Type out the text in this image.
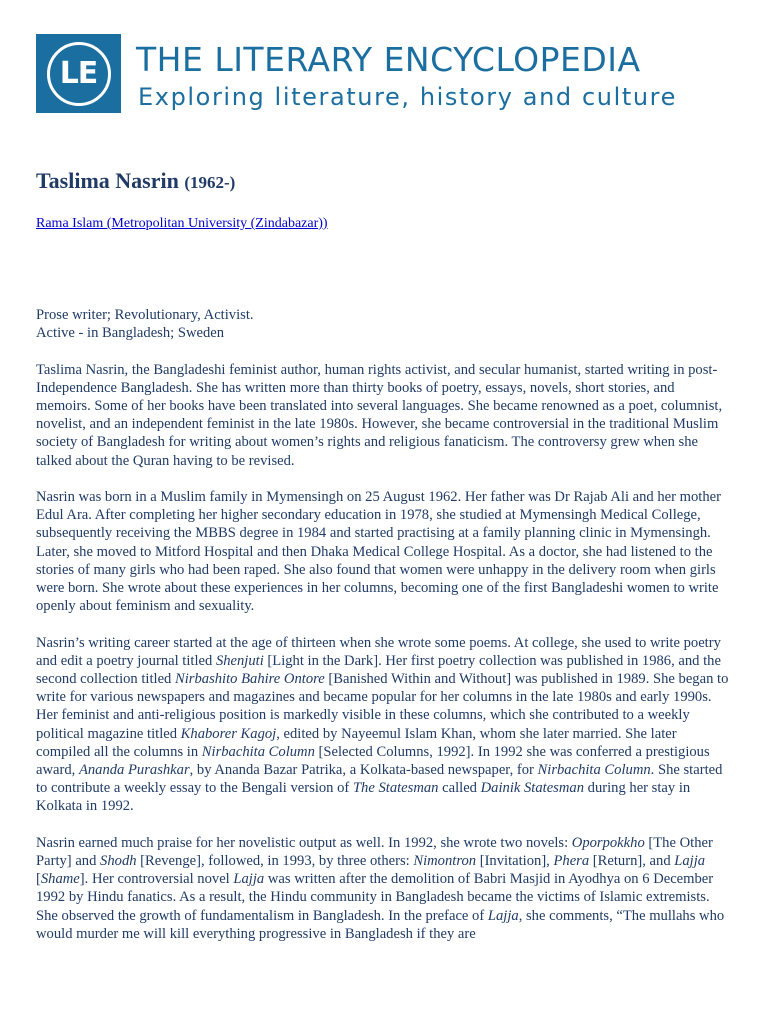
LE	THE LITERARY ENCYCLOPEDIA
Exploring literature, history and culture
Taslima Nasrin (1962-)
Rama Islam (Metropolitan University (Zindabazar))
Prose writer; Revolutionary, Activist.
Active - in Bangladesh; Sweden

Taslima Nasrin, the Bangladeshi feminist author, human rights activist, and secular humanist, started writing in post-Independence Bangladesh. She has written more than thirty books of poetry, essays, novels, short stories, and memoirs. Some of her books have been translated into several languages. She became renowned as a poet, columnist, novelist, and an independent feminist in the late 1980s. However, she became controversial in the traditional Muslim society of Bangladesh for writing about women’s rights and religious fanaticism. The controversy grew when she talked about the Quran having to be revised.

Nasrin was born in a Muslim family in Mymensingh on 25 August 1962. Her father was Dr Rajab Ali and her mother Edul Ara. After completing her higher secondary education in 1978, she studied at Mymensingh Medical College, subsequently receiving the MBBS degree in 1984 and started practising at a family planning clinic in Mymensingh. Later, she moved to Mitford Hospital and then Dhaka Medical College Hospital. As a doctor, she had listened to the stories of many girls who had been raped. She also found that women were unhappy in the delivery room when girls were born. She wrote about these experiences in her columns, becoming one of the first Bangladeshi women to write openly about feminism and sexuality.

Nasrin’s writing career started at the age of thirteen when she wrote some poems. At college, she used to write poetry and edit a poetry journal titled Shenjuti [Light in the Dark]. Her first poetry collection was published in 1986, and the second collection titled Nirbashito Bahire Ontore [Banished Within and Without] was published in 1989. She began to write for various newspapers and magazines and became popular for her columns in the late 1980s and early 1990s. Her feminist and anti-religious position is markedly visible in these columns, which she contributed to a weekly political magazine titled Khaborer Kagoj, edited by Nayeemul Islam Khan, whom she later married. She later compiled all the columns in Nirbachita Column [Selected Columns, 1992]. In 1992 she was conferred a prestigious award, Ananda Purashkar, by Ananda Bazar Patrika, a Kolkata-based newspaper, for Nirbachita Column. She started to contribute a weekly essay to the Bengali version of The Statesman called Dainik Statesman during her stay in Kolkata in 1992.

Nasrin earned much praise for her novelistic output as well. In 1992, she wrote two novels: Oporpokkho [The Other Party] and Shodh [Revenge], followed, in 1993, by three others: Nimontron [Invitation], Phera [Return], and Lajja [Shame]. Her controversial novel Lajja was written after the demolition of Babri Masjid in Ayodhya on 6 December 1992 by Hindu fanatics. As a result, the Hindu community in Bangladesh became the victims of Islamic extremists. She observed the growth of fundamentalism in Bangladesh. In the preface of Lajja, she comments, “The mullahs who would murder me will kill everything progressive in Bangladesh if they are
